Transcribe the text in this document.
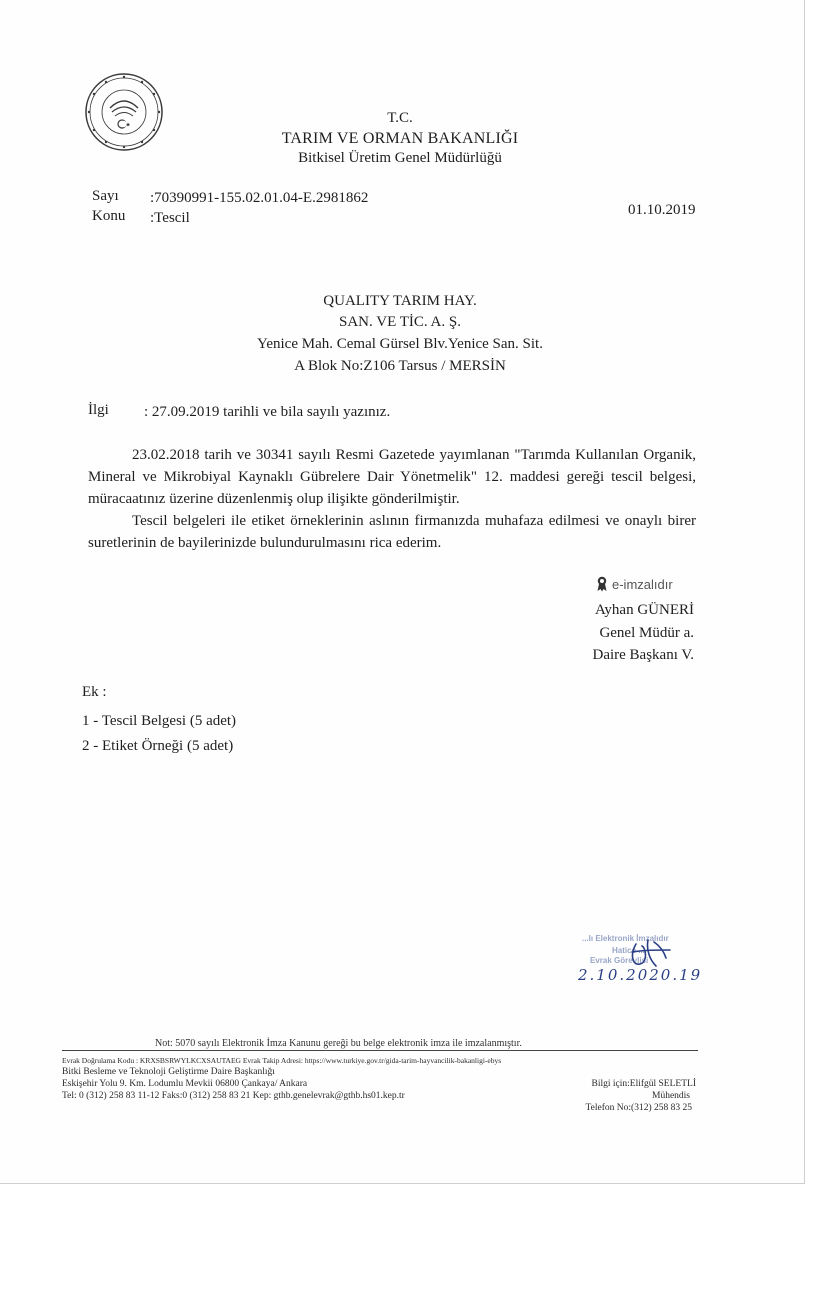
T.C.
TARIM VE ORMAN BAKANLIĞI
Bitkisel Üretim Genel Müdürlüğü
Sayı :70390991-155.02.01.04-E.2981862
Konu :Tescil	01.10.2019
QUALITY TARIM HAY.
SAN. VE TİC. A. Ş.
Yenice Mah. Cemal Gürsel Blv.Yenice San. Sit.
A Blok No:Z106 Tarsus / MERSİN
İlgi : 27.09.2019 tarihli ve bila sayılı yazınız.
23.02.2018 tarih ve 30341 sayılı Resmi Gazetede yayımlanan "Tarımda Kullanılan Organik, Mineral ve Mikrobiyal Kaynaklı Gübrelere Dair Yönetmelik" 12. maddesi gereği tescil belgesi, müracaatınız üzerine düzenlenmiş olup ilişikte gönderilmiştir.
Tescil belgeleri ile etiket örneklerinin aslının firmanızda muhafaza edilmesi ve onaylı birer suretlerinin de bayilerinizde bulundurulmasını rica ederim.
e-imzalıdır
Ayhan GÜNERİ
Genel Müdür a.
Daire Başkanı V.
Ek :
1 - Tescil Belgesi (5 adet)
2 - Etiket Örneği (5 adet)
...lı Elektronik İmzalıdır
Hatice ...
Evrak Görevlisi
2.10.2020.19
Not: 5070 sayılı Elektronik İmza Kanunu gereği bu belge elektronik imza ile imzalanmıştır.
Evrak Doğrulama Kodu : KRXSBSRWYLKCXSAUTAEG Evrak Takip Adresi: https://www.turkiye.gov.tr/gida-tarim-hayvancilik-bakanligi-ebys
Bitki Besleme ve Teknoloji Geliştirme Daire Başkanlığı
Eskişehir Yolu 9. Km. Lodumlu Mevkii 06800 Çankaya/ Ankara
Tel: 0 (312) 258 83 11-12 Faks:0 (312) 258 83 21 Kep: gthb.genelevrak@gthb.hs01.kep.tr
Bilgi için:Elifgül SELETLİ
Mühendis
Telefon No:(312) 258 83 25
